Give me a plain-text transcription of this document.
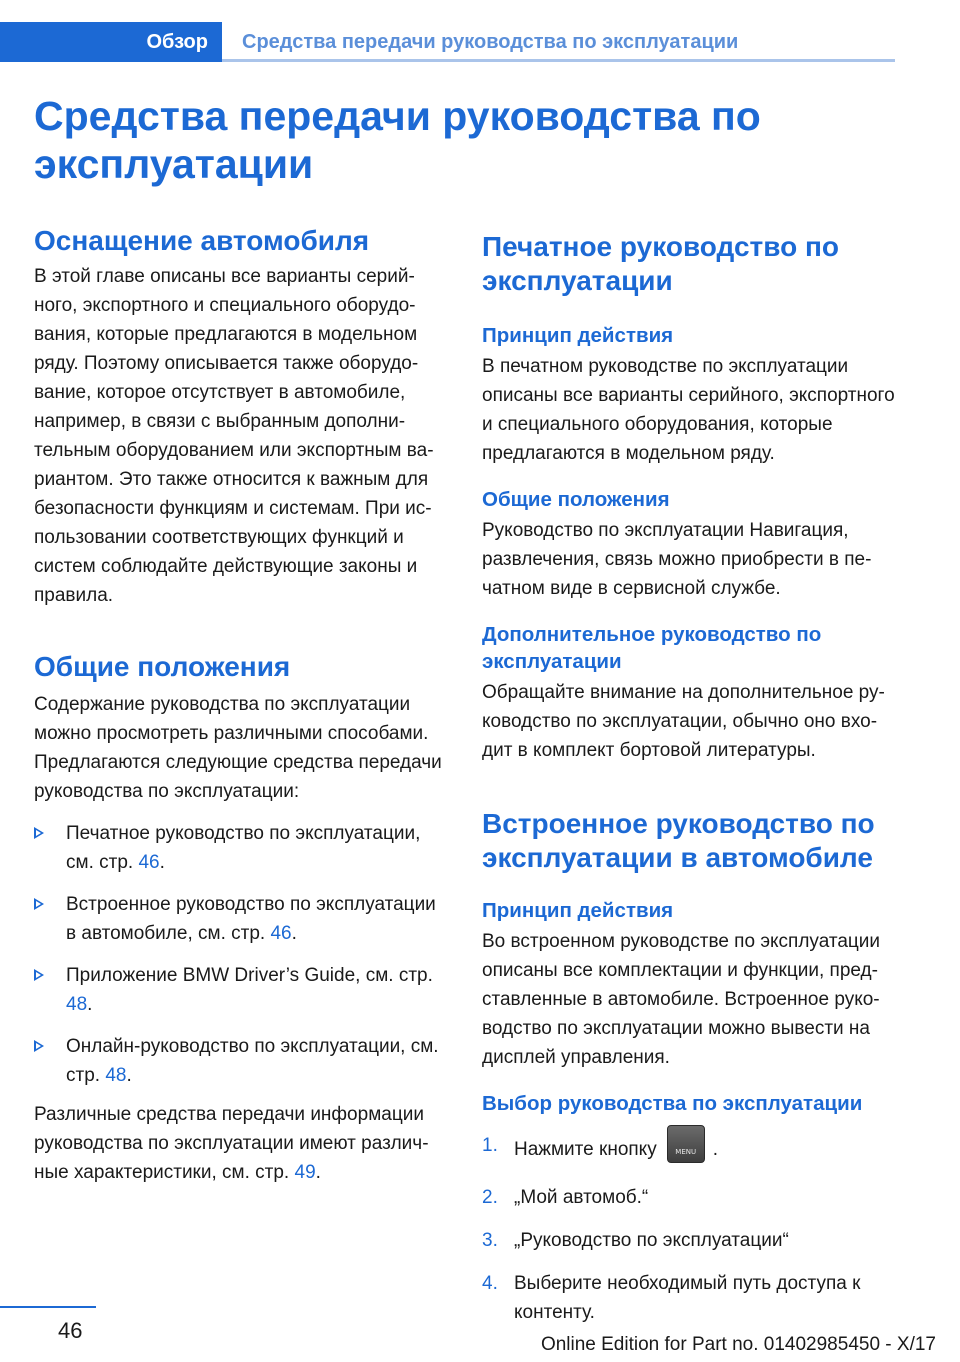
Обзор	Средства передачи руководства по эксплуатации
Средства передачи руководства по эксплуатации
Оснащение автомобиля

В этой главе описаны все варианты серийного, экспортного и специального оборудования, которые предлагаются в модельном ряду. Поэтому описывается также оборудование, которое отсутствует в автомобиле, например, в связи с выбранным дополнительным оборудованием или экспортным вариантом. Это также относится к важным для безопасности функциям и системам. При использовании соответствующих функций и систем соблюдайте действующие законы и правила.

Общие положения

Содержание руководства по эксплуатации можно просмотреть различными способами. Предлагаются следующие средства передачи руководства по эксплуатации:

Печатное руководство по эксплуатации, см. стр. 46.
Встроенное руководство по эксплуатации в автомобиле, см. стр. 46.
Приложение BMW Driver’s Guide, см. стр. 48.
Онлайн-руководство по эксплуатации, см. стр. 48.

Различные средства передачи информации руководства по эксплуатации имеют различные характеристики, см. стр. 49.

Печатное руководство по эксплуатации
Принцип действия

В печатном руководстве по эксплуатации описаны все варианты серийного, экспортного и специального оборудования, которые предлагаются в модельном ряду.

Общие положения

Руководство по эксплуатации Навигация, развлечения, связь можно приобрести в печатном виде в сервисной службе.

Дополнительное руководство по эксплуатации

Обращайте внимание на дополнительное руководство по эксплуатации, обычно оно входит в комплект бортовой литературы.

Встроенное руководство по эксплуатации в автомобиле
Принцип действия

Во встроенном руководстве по эксплуатации описаны все комплектации и функции, представленные в автомобиле. Встроенное руководство по эксплуатации можно вывести на дисплей управления.

Выбор руководства по эксплуатации
1. Нажмите кнопку	MENU .
2. „Мой автомоб.“
3. „Руководство по эксплуатации“
4. Выберите необходимый путь доступа к контенту.
46
Online Edition for Part no. 01402985450 - X/17
